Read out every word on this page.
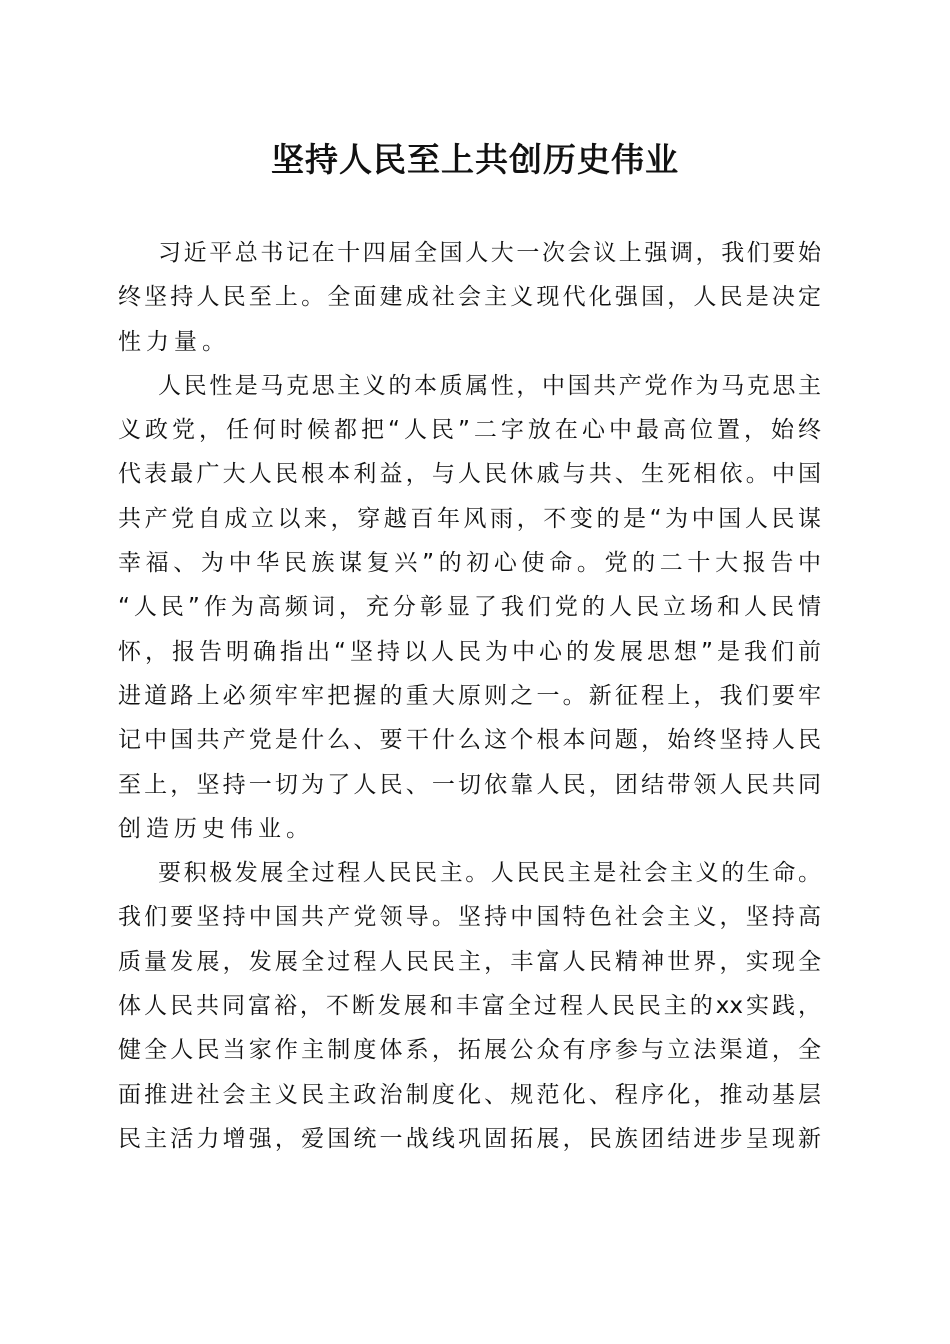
坚持人民至上共创历史伟业
习近平总书记在十四届全国人大一次会议上强调，我们要始
终坚持人民至上。全面建成社会主义现代化强国，人民是决定
性力量。
人民性是马克思主义的本质属性，中国共产党作为马克思主
义政党，任何时候都把“人民”二字放在心中最高位置，始终
代表最广大人民根本利益，与人民休戚与共、生死相依。中国
共产党自成立以来，穿越百年风雨，不变的是“为中国人民谋
幸福、为中华民族谋复兴”的初心使命。党的二十大报告中
“人民”作为高频词，充分彰显了我们党的人民立场和人民情
怀，报告明确指出“坚持以人民为中心的发展思想”是我们前
进道路上必须牢牢把握的重大原则之一。新征程上，我们要牢
记中国共产党是什么、要干什么这个根本问题，始终坚持人民
至上，坚持一切为了人民、一切依靠人民，团结带领人民共同
创造历史伟业。
要积极发展全过程人民民主。人民民主是社会主义的生命。
我们要坚持中国共产党领导。坚持中国特色社会主义，坚持高
质量发展，发展全过程人民民主，丰富人民精神世界，实现全
体人民共同富裕，不断发展和丰富全过程人民民主的xx实践，
健全人民当家作主制度体系，拓展公众有序参与立法渠道，全
面推进社会主义民主政治制度化、规范化、程序化，推动基层
民主活力增强，爱国统一战线巩固拓展，民族团结进步呈现新
